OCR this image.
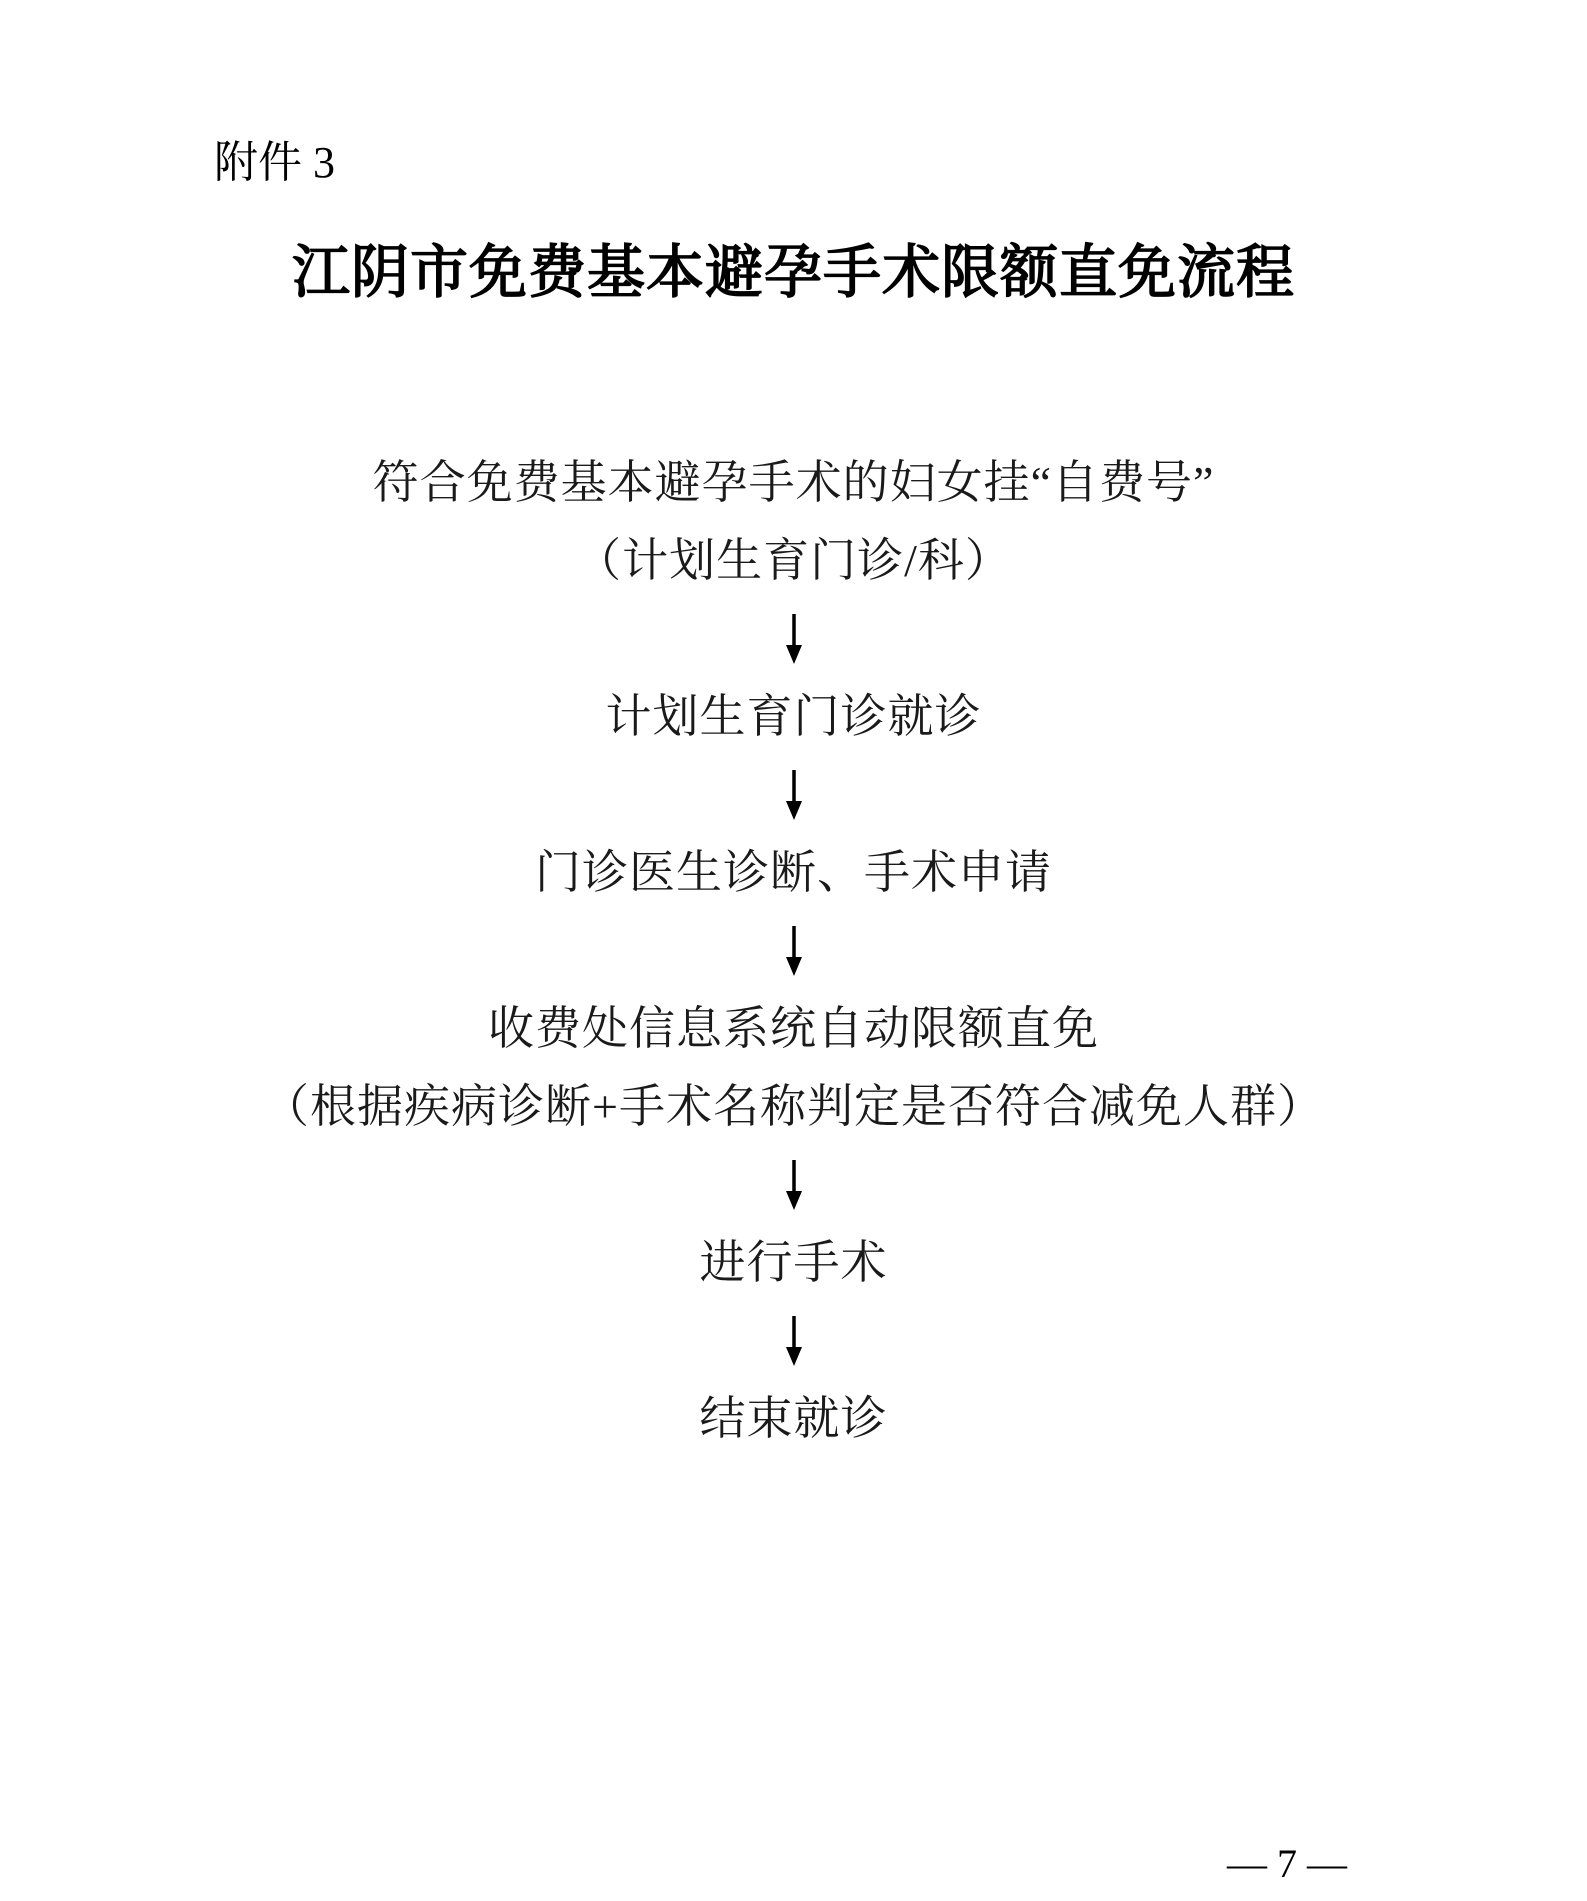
附件 3
江阴市免费基本避孕手术限额直免流程
符合免费基本避孕手术的妇女挂“自费号”
（计划生育门诊/科）
计划生育门诊就诊
门诊医生诊断、手术申请
收费处信息系统自动限额直免
（根据疾病诊断+手术名称判定是否符合减免人群）
进行手术
结束就诊
— 7 —
